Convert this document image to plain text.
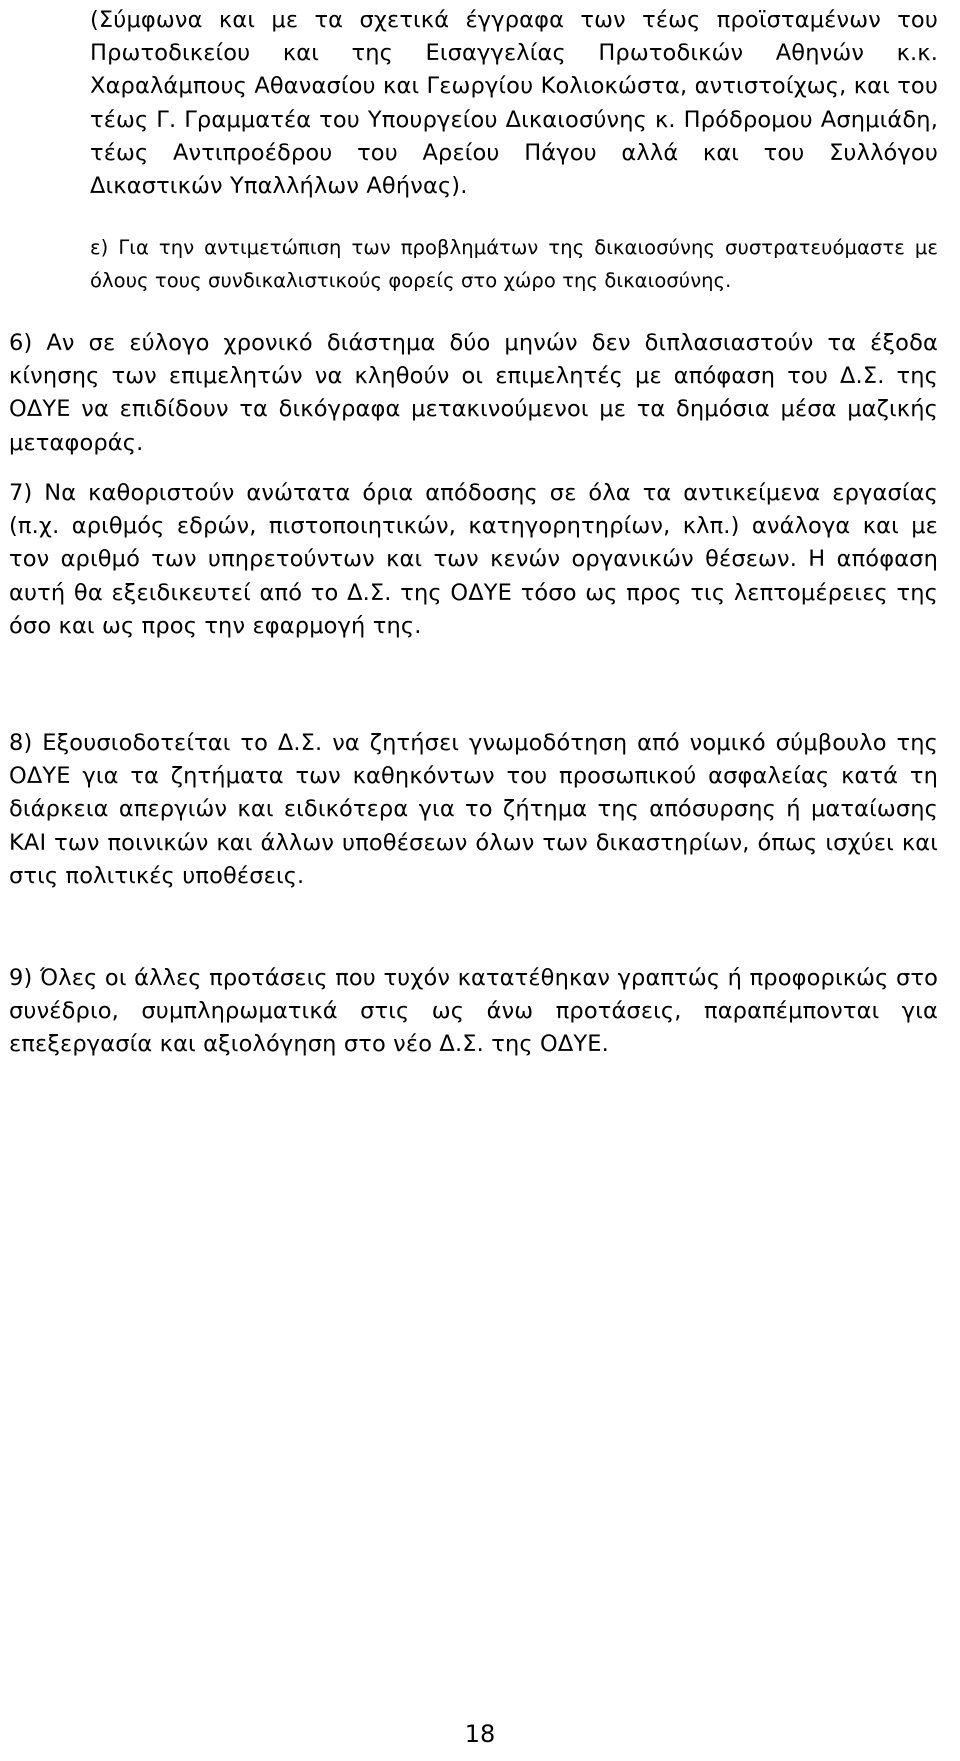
(Σύμφωνα και με τα σχετικά έγγραφα των τέως προϊσταμένων του Πρωτοδικείου και της Εισαγγελίας Πρωτοδικών Αθηνών κ.κ. Χαραλάμπους Αθανασίου και Γεωργίου Κολιοκώστα, αντιστοίχως, και του τέως Γ. Γραμματέα του Υπουργείου Δικαιοσύνης κ. Πρόδρομου Ασημιάδη, τέως Αντιπροέδρου του Αρείου Πάγου αλλά και του Συλλόγου Δικαστικών Υπαλλήλων Αθήνας).

ε) Για την αντιμετώπιση των προβλημάτων της δικαιοσύνης συστρατευόμαστε με όλους τους συνδικαλιστικούς φορείς στο χώρο της δικαιοσύνης.

6) Αν σε εύλογο χρονικό διάστημα δύο μηνών δεν διπλασιαστούν τα έξοδα κίνησης των επιμελητών να κληθούν οι επιμελητές με απόφαση του Δ.Σ. της ΟΔΥΕ να επιδίδουν τα δικόγραφα μετακινούμενοι με τα δημόσια μέσα μαζικής μεταφοράς.

7) Να καθοριστούν ανώτατα όρια απόδοσης σε όλα τα αντικείμενα εργασίας (π.χ. αριθμός εδρών, πιστοποιητικών, κατηγορητηρίων, κλπ.) ανάλογα και με τον αριθμό των υπηρετούντων και των κενών οργανικών θέσεων. Η απόφαση αυτή θα εξειδικευτεί από το Δ.Σ. της ΟΔΥΕ τόσο ως προς τις λεπτομέρειες της όσο και ως προς την εφαρμογή της.

8) Εξουσιοδοτείται το Δ.Σ. να ζητήσει γνωμοδότηση από νομικό σύμβουλο της ΟΔΥΕ για τα ζητήματα των καθηκόντων του προσωπικού ασφαλείας κατά τη διάρκεια απεργιών και ειδικότερα για το ζήτημα της απόσυρσης ή ματαίωσης ΚΑΙ των ποινικών και άλλων υποθέσεων όλων των δικαστηρίων, όπως ισχύει και στις πολιτικές υποθέσεις.

9) Όλες οι άλλες προτάσεις που τυχόν κατατέθηκαν γραπτώς ή προφορικώς στο συνέδριο, συμπληρωματικά στις ως άνω προτάσεις, παραπέμπονται για επεξεργασία και αξιολόγηση στο νέο Δ.Σ. της ΟΔΥΕ.

18
